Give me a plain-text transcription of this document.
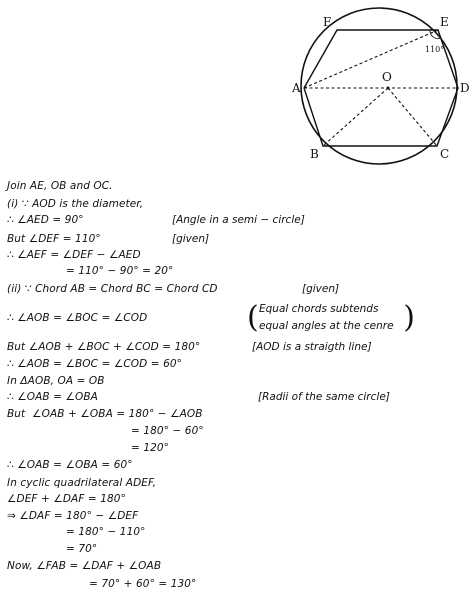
F	E
A
O
D
B	C
110°
Join AE, OB and OC.
(i) ∵ AOD is the diameter,
∴ ∠AED = 90°
But ∠DEF = 110°
∴ ∠AEF = ∠DEF − ∠AED
= 110° − 90° = 20°
(ii) ∵ Chord AB = Chord BC = Chord CD
∴ ∠AOB = ∠BOC = ∠COD
But ∠AOB + ∠BOC + ∠COD = 180°
∴ ∠AOB = ∠BOC = ∠COD = 60°
In ΔAOB, OA = OB
∴ ∠OAB = ∠OBA
But  ∠OAB + ∠OBA = 180° − ∠AOB
= 180° − 60°
= 120°
∴ ∠OAB = ∠OBA = 60°
In cyclic quadrilateral ADEF,
∠DEF + ∠DAF = 180°
⇒ ∠DAF = 180° − ∠DEF
= 180° − 110°
= 70°
Now, ∠FAB = ∠DAF + ∠OAB
= 70° + 60° = 130°
[Angle in a semi − circle]
[given]
[given]
( Equal chords subtends
equal angles at the cenre )
[AOD is a straigth line]
[Radii of the same circle]
